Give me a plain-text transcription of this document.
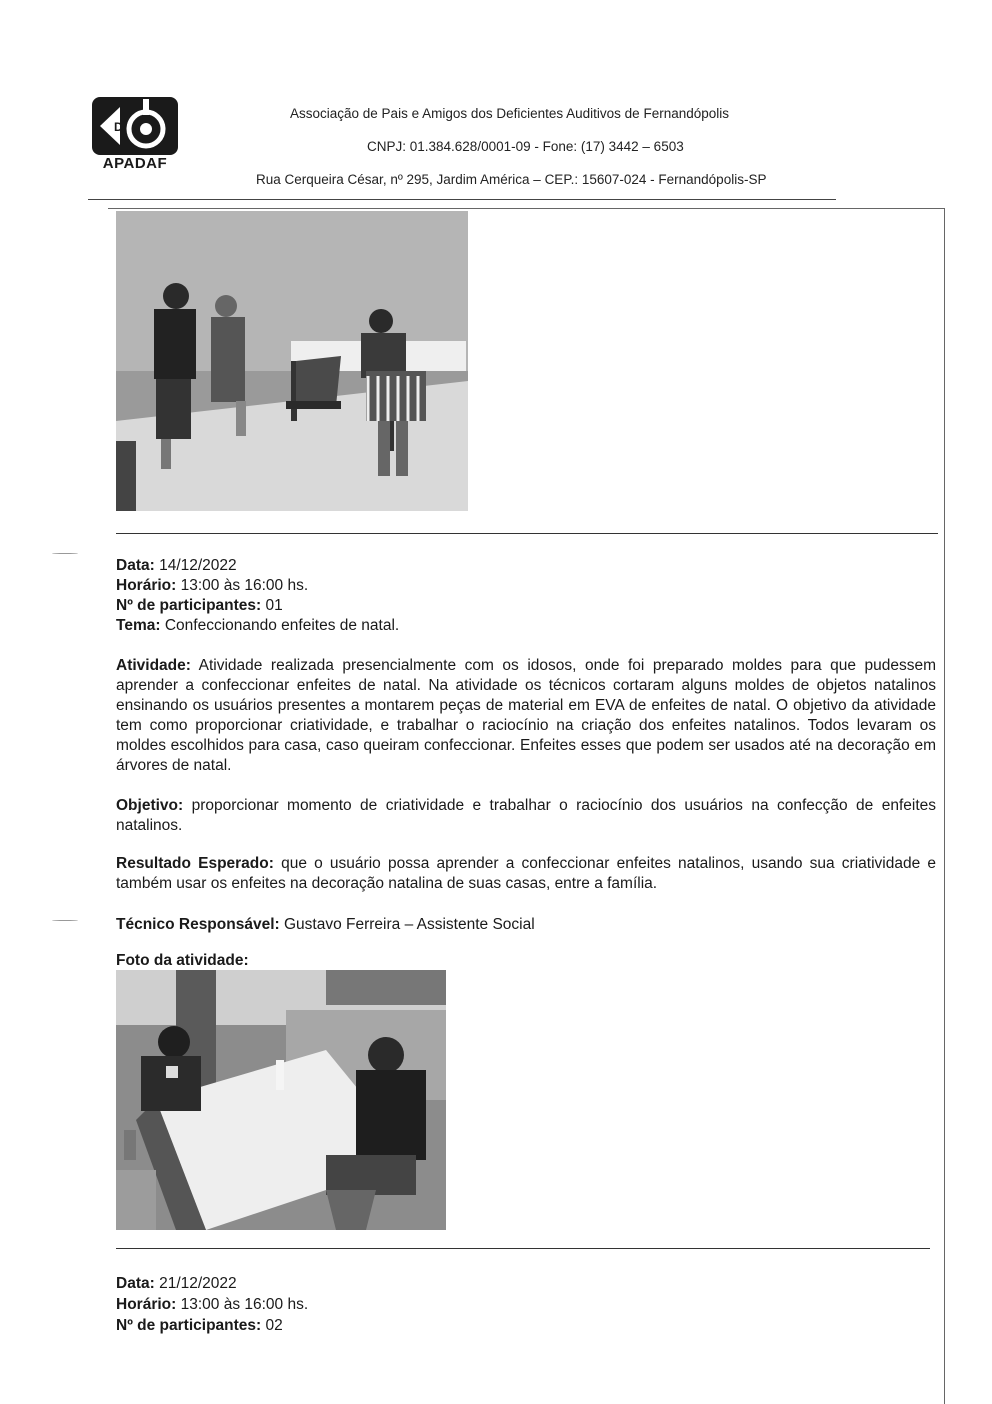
D
APADAF
Associação de Pais e Amigos dos Deficientes Auditivos de Fernandópolis
CNPJ: 01.384.628/0001-09 - Fone: (17) 3442 – 6503
Rua Cerqueira César, nº 295, Jardim América – CEP.: 15607-024 - Fernandópolis-SP
Data: 14/12/2022
Horário: 13:00 às 16:00 hs.
Nº de participantes: 01
Tema: Confeccionando enfeites de natal.
Atividade: Atividade realizada presencialmente com os idosos, onde foi preparado moldes para que pudessem aprender a confeccionar enfeites de natal. Na atividade os técnicos cortaram alguns moldes de objetos natalinos ensinando os usuários presentes a montarem peças de material em EVA de enfeites de natal. O objetivo da atividade tem como proporcionar criatividade, e trabalhar o raciocínio na criação dos enfeites natalinos. Todos levaram os moldes escolhidos para casa, caso queiram confeccionar. Enfeites esses que podem ser usados até na decoração em árvores de natal.
Objetivo: proporcionar momento de criatividade e trabalhar o raciocínio dos usuários na confecção de enfeites natalinos.
Resultado Esperado: que o usuário possa aprender a confeccionar enfeites natalinos, usando sua criatividade e também usar os enfeites na decoração natalina de suas casas, entre a família.
Técnico Responsável: Gustavo Ferreira – Assistente Social
Foto da atividade:
Data: 21/12/2022
Horário: 13:00 às 16:00 hs.
Nº de participantes: 02
